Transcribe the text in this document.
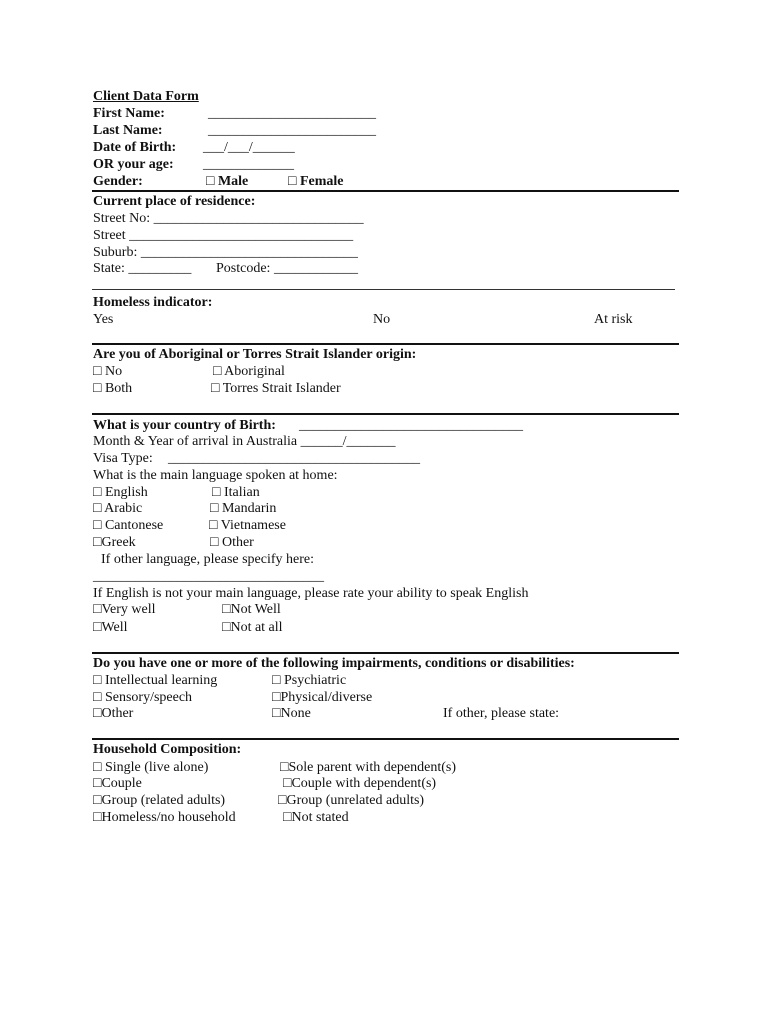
Client Data Form
First Name:	________________________
Last Name:	________________________
Date of Birth: ___/___/______
OR your age: _____________
Gender:	□ Male	□ Female
Current place of residence:
Street No: ______________________________
Street ________________________________
Suburb: _______________________________
State: _________ Postcode: ____________
Homeless indicator:
Yes	No	At risk
Are you of Aboriginal or Torres Strait Islander origin:
□ No	□ Aboriginal
□ Both	□ Torres Strait Islander
What is your country of Birth: ________________________________
Month & Year of arrival in Australia ______/_______
Visa Type: ____________________________________
What is the main language spoken at home:
□ English	□ Italian
□ Arabic	□ Mandarin
□ Cantonese	□ Vietnamese
□Greek	□ Other
If other language, please specify here:
_________________________________
If English is not your main language, please rate your ability to speak English
□Very well	□Not Well
□Well	□Not at all
Do you have one or more of the following impairments, conditions or disabilities:
□ Intellectual learning	□ Psychiatric
□ Sensory/speech	□Physical/diverse
□Other	□None	If other, please state:
Household Composition:
□ Single (live alone)	□Sole parent with dependent(s)
□Couple	□Couple with dependent(s)
□Group (related adults)	□Group (unrelated adults)
□Homeless/no household	□Not stated
